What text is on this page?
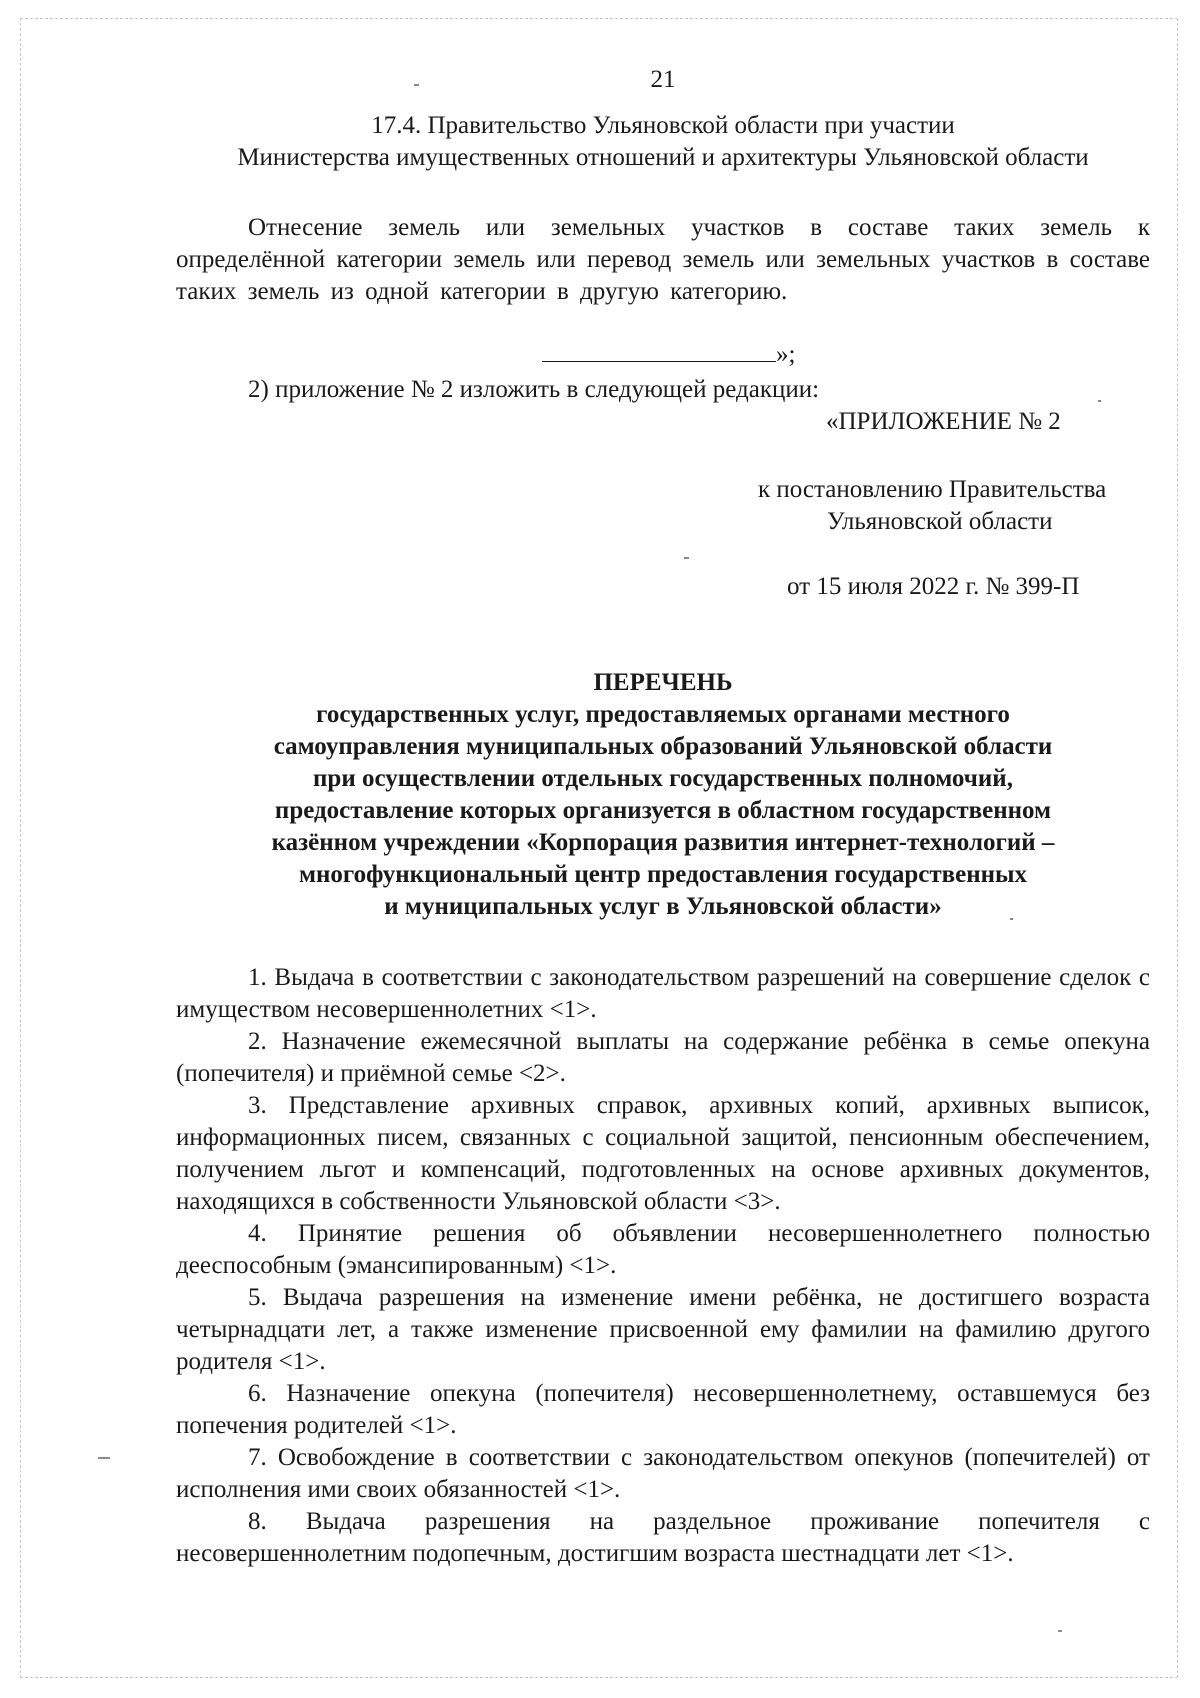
21
17.4. Правительство Ульяновской области при участии
Министерства имущественных отношений и архитектуры Ульяновской области

Отнесение земель или земельных участков в составе таких земель к определённой категории земель или перевод земель или земельных участков в составе таких земель из одной категории в другую категорию.

»;
2) приложение № 2 изложить в следующей редакции:
«ПРИЛОЖЕНИЕ № 2
к постановлению Правительства
Ульяновской области
от 15 июля 2022 г. № 399-П
ПЕРЕЧЕНЬ
государственных услуг, предоставляемых органами местного
самоуправления муниципальных образований Ульяновской области
при осуществлении отдельных государственных полномочий,
предоставление которых организуется в областном государственном
казённом учреждении «Корпорация развития интернет-технологий –
многофункциональный центр предоставления государственных
и муниципальных услуг в Ульяновской области»

1. Выдача в соответствии с законодательством разрешений на совершение сделок с имуществом несовершеннолетних <1>.

2. Назначение ежемесячной выплаты на содержание ребёнка в семье опекуна (попечителя) и приёмной семье <2>.

3. Представление архивных справок, архивных копий, архивных выписок, информационных писем, связанных с социальной защитой, пенсионным обеспечением, получением льгот и компенсаций, подготовленных на основе архивных документов, находящихся в собственности Ульяновской области <3>.

4. Принятие решения об объявлении несовершеннолетнего полностью дееспособным (эмансипированным) <1>.

5. Выдача разрешения на изменение имени ребёнка, не достигшего возраста четырнадцати лет, а также изменение присвоенной ему фамилии на фамилию другого родителя <1>.

6. Назначение опекуна (попечителя) несовершеннолетнему, оставшемуся без попечения родителей <1>.

7. Освобождение в соответствии с законодательством опекунов (попечителей) от исполнения ими своих обязанностей <1>.

8. Выдача разрешения на раздельное проживание попечителя с несовершеннолетним подопечным, достигшим возраста шестнадцати лет <1>.
